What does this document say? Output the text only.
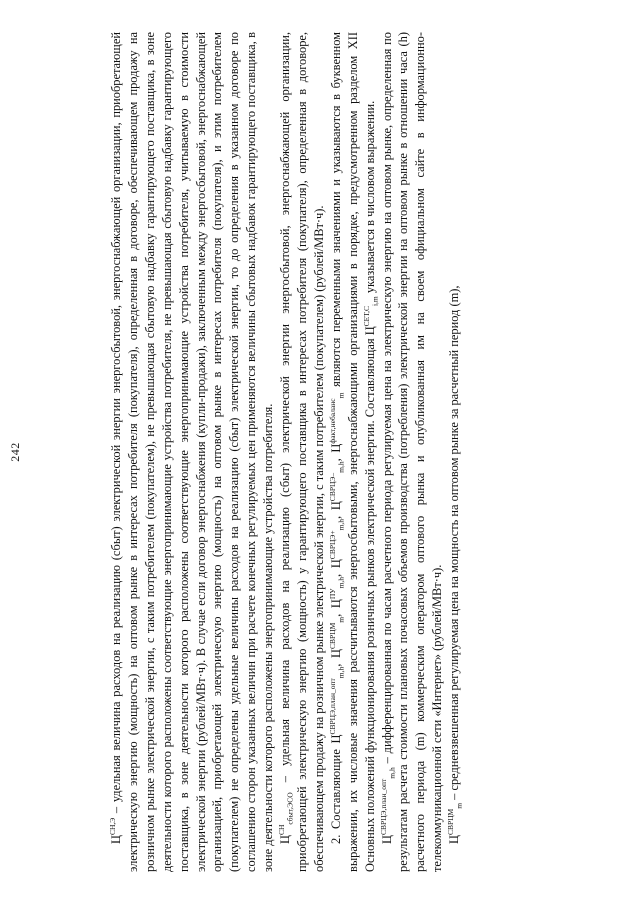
242

$Ц^{СН,Э}$ – удельная величина расходов на реализацию (сбыт) электрической энергии энергосбытовой, энергоснабжающей организации, приобретающей электрическую энергию (мощность) на оптовом рынке в интересах потребителя (покупателя), определенная в договоре, обеспечивающем продажу на розничном рынке электрической энергии, с таким потребителем (покупателем), не превышающая сбытовую надбавку гарантирующего поставщика, в зоне деятельности которого расположены соответствующие энергопринимающие устройства потребителя, не превышающая сбытовую надбавку гарантирующего поставщика, в зоне деятельности которого расположены соответствующие энергопринимающие устройства потребителя, учитываемую в стоимости электрической энергии (рублей/МВт·ч). В случае если договор энергоснабжения (купли-продажи), заключенным между энергосбытовой, энергоснабжающей организацией, приобретающей электрическую энергию (мощность) на оптовом рынке в интересах потребителя (покупателя), и этим потребителем (покупателем) не определены удельные величины расходов на реализацию (сбыт) электрической энергии, то до определения в указанном договоре по соглашению сторон указанных величин при расчете конечных регулируемых цен применяются величины сбытовых надбавок гарантирующего поставщика, в зоне деятельности которого расположены энергопринимающие устройства потребителя. $Ц^{СН}_{сбыт,ЭСО}$ – удельная величина расходов на реализацию (сбыт) электрической энергии энергосбытовой, энергоснабжающей организации, приобретающей электрическую энергию (мощность) у гарантирующего поставщика в интересах потребителя (покупателя), определенная в договоре, обеспечивающем продажу на розничном рынке электрической энергии, с таким потребителем (покупателем) (рублей/МВт·ч). 2. Составляющие $Ц^{СВРЦЭ,план\_опт}_{m,h}$, $Ц^{СВРЦМ}_m$, $Ц^{ПУ}_{m,h}$, $Ц^{СВРЦЭ+}_{m,h}$, $Ц^{СВРЦЭ-}_{m,h}$, $Ц^{факт,небаланс}_m$ являются переменными значениями и указываются в буквенном выражении, их числовые значения рассчитываются энергосбытовыми, энергоснабжающими организациями в порядке, предусмотренном разделом XII Основных положений функционирования розничных рынков электрической энергии. Составляющая $Ц^{СЕТ,С}_{i,m}$ указывается в числовом выражении.

$Ц^{СВРЦЭ,план\_опт}_{m,h}$ – дифференцированная по часам расчетного периода регулируемая цена на электрическую энергию на оптовом рынке, определенная по результатам расчета стоимости плановых почасовых объемов производства (потребления) электрической энергии на оптовом рынке в отношении часа (h) расчетного периода (m) коммерческим оператором оптового рынка и опубликованная им на своем официальном сайте в информационно-телекоммуникационной сети «Интернет» (рублей/МВт·ч). $Ц^{СВРЦМ}_m$ – средневзвешенная регулируемая цена на мощность на оптовом рынке за расчетный период (m),
